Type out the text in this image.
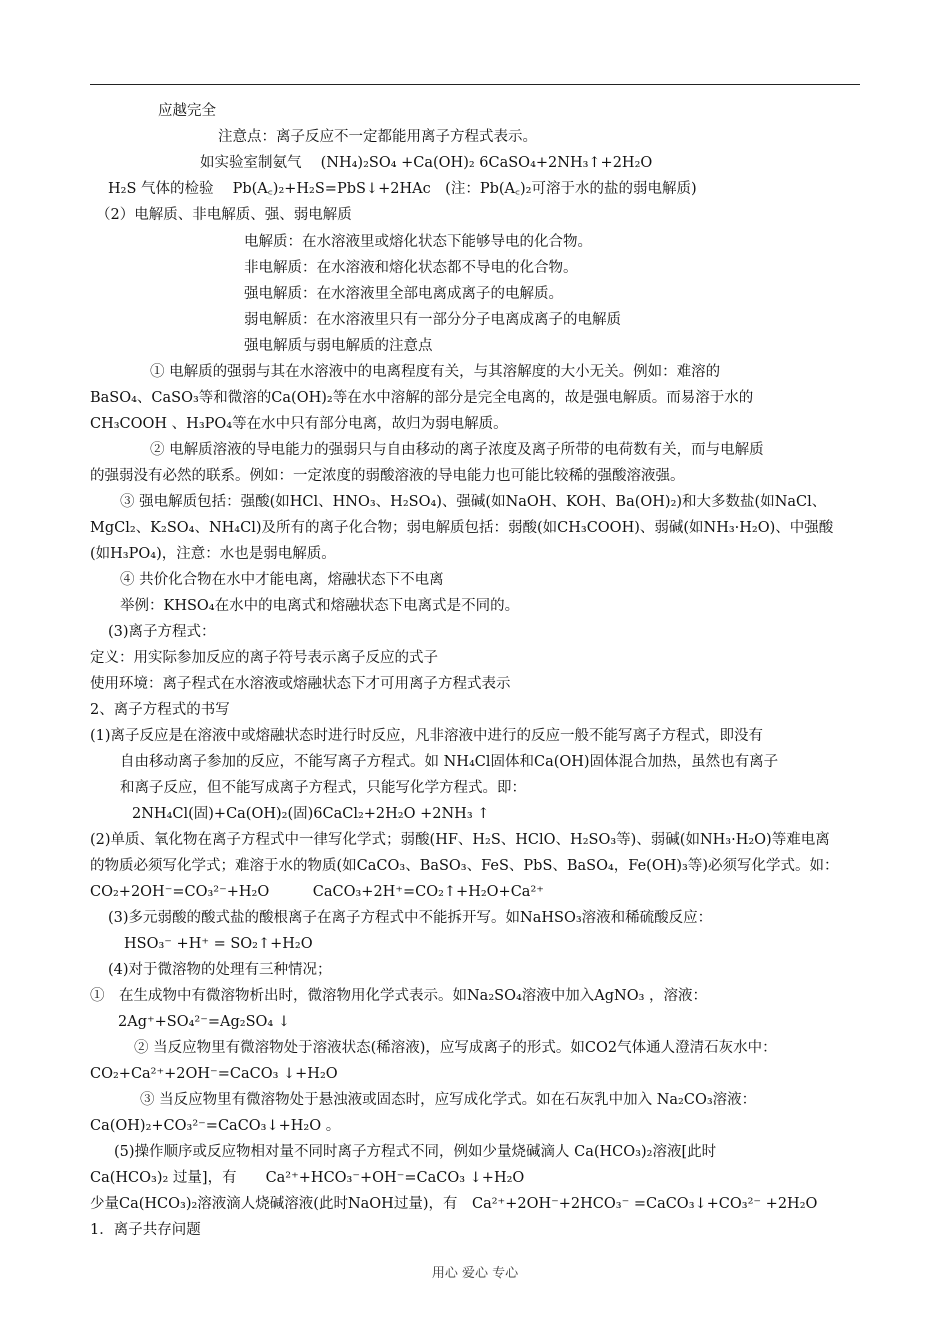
应越完全
注意点：离子反应不一定都能用离子方程式表示。
如实验室制氨气　 (NH₄)₂SO₄ +Ca(OH)₂ 6CaSO₄+2NH₃↑+2H₂O
H₂S 气体的检验　 Pb(A꜀)₂+H₂S=PbS↓+2HAc　(注：Pb(A꜀)₂可溶于水的盐的弱电解质)
（2）电解质、非电解质、强、弱电解质
电解质：在水溶液里或熔化状态下能够导电的化合物。
非电解质：在水溶液和熔化状态都不导电的化合物。
强电解质：在水溶液里全部电离成离子的电解质。
弱电解质：在水溶液里只有一部分分子电离成离子的电解质
强电解质与弱电解质的注意点
① 电解质的强弱与其在水溶液中的电离程度有关，与其溶解度的大小无关。例如：难溶的
BaSO₄、CaSO₃等和微溶的Ca(OH)₂等在水中溶解的部分是完全电离的，故是强电解质。而易溶于水的
CH₃COOH 、H₃PO₄等在水中只有部分电离，故归为弱电解质。
② 电解质溶液的导电能力的强弱只与自由移动的离子浓度及离子所带的电荷数有关，而与电解质
的强弱没有必然的联系。例如：一定浓度的弱酸溶液的导电能力也可能比较稀的强酸溶液强。
③ 强电解质包括：强酸(如HCl、HNO₃、H₂SO₄)、强碱(如NaOH、KOH、Ba(OH)₂)和大多数盐(如NaCl、
MgCl₂、K₂SO₄、NH₄Cl)及所有的离子化合物；弱电解质包括：弱酸(如CH₃COOH)、弱碱(如NH₃·H₂O)、中强酸
(如H₃PO₄)，注意：水也是弱电解质。
④ 共价化合物在水中才能电离，熔融状态下不电离
举例：KHSO₄在水中的电离式和熔融状态下电离式是不同的。
(3)离子方程式：
定义：用实际参加反应的离子符号表示离子反应的式子
使用环境：离子程式在水溶液或熔融状态下才可用离子方程式表示
2、离子方程式的书写
(1)离子反应是在溶液中或熔融状态时进行时反应，凡非溶液中进行的反应一般不能写离子方程式，即没有
自由移动离子参加的反应，不能写离子方程式。如 NH₄Cl固体和Ca(OH)固体混合加热，虽然也有离子
和离子反应，但不能写成离子方程式，只能写化学方程式。即：
2NH₄Cl(固)+Ca(OH)₂(固)6CaCl₂+2H₂O +2NH₃ ↑
(2)单质、氧化物在离子方程式中一律写化学式；弱酸(HF、H₂S、HClO、H₂SO₃等)、弱碱(如NH₃·H₂O)等难电离
的物质必须写化学式；难溶于水的物质(如CaCO₃、BaSO₃、FeS、PbS、BaSO₄，Fe(OH)₃等)必须写化学式。如：
CO₂+2OH⁻=CO₃²⁻+H₂O　　　CaCO₃+2H⁺=CO₂↑+H₂O+Ca²⁺
(3)多元弱酸的酸式盐的酸根离子在离子方程式中不能拆开写。如NaHSO₃溶液和稀硫酸反应：
HSO₃⁻ +H⁺ = SO₂↑+H₂O
(4)对于微溶物的处理有三种情况；
①　在生成物中有微溶物析出时，微溶物用化学式表示。如Na₂SO₄溶液中加入AgNO₃ ，溶液：
2Ag⁺+SO₄²⁻=Ag₂SO₄ ↓
② 当反应物里有微溶物处于溶液状态(稀溶液)，应写成离子的形式。如CO2气体通人澄清石灰水中：
CO₂+Ca²⁺+2OH⁻=CaCO₃ ↓+H₂O
③ 当反应物里有微溶物处于悬浊液或固态时，应写成化学式。如在石灰乳中加入 Na₂CO₃溶液：
Ca(OH)₂+CO₃²⁻=CaCO₃↓+H₂O 。
(5)操作顺序或反应物相对量不同时离子方程式不同，例如少量烧碱滴人 Ca(HCO₃)₂溶液[此时
Ca(HCO₃)₂ 过量]，有　　Ca²⁺+HCO₃⁻+OH⁻=CaCO₃ ↓+H₂O
少量Ca(HCO₃)₂溶液滴人烧碱溶液(此时NaOH过量)，有　Ca²⁺+2OH⁻+2HCO₃⁻ =CaCO₃↓+CO₃²⁻ +2H₂O
1．离子共存问题
用心 爱心 专心
